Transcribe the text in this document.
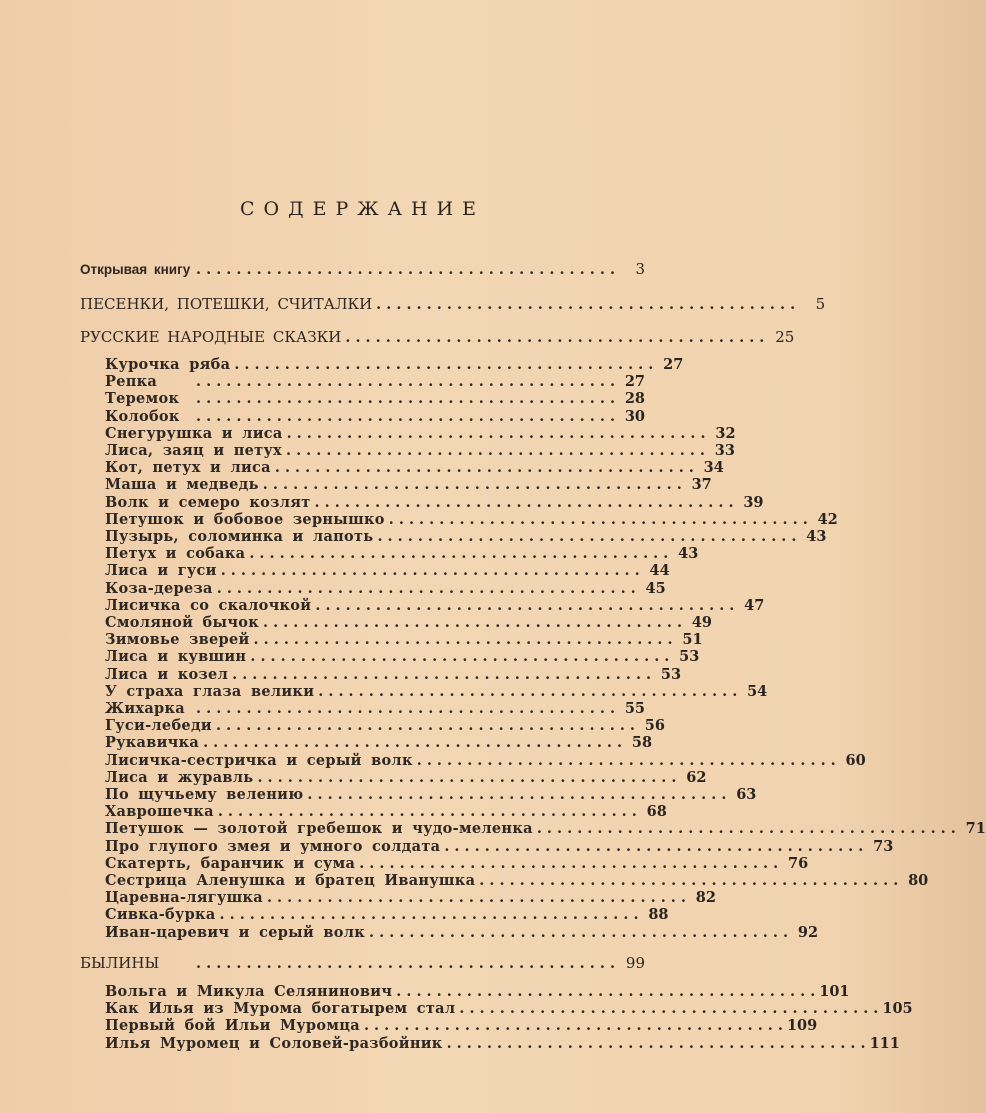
СОДЕРЖАНИЕ
Открывая книгу . . . . . . . . . . . . . . . . . . . . . . . . . . . . . . . . . . . . . . . . . .	3
ПЕСЕНКИ, ПОТЕШКИ, СЧИТАЛКИ . . . . . . . . . . . . . . . . . . . . . . . . . . . . . . . . . . . . . . . . . .	5
РУССКИЕ НАРОДНЫЕ СКАЗКИ . . . . . . . . . . . . . . . . . . . . . . . . . . . . . . . . . . . . . . . . . . 25
Курочка ряба . . . . . . . . . . . . . . . . . . . . . . . . . . . . . . . . . . . . . . . . . . 27
Репка	. . . . . . . . . . . . . . . . . . . . . . . . . . . . . . . . . . . . . . . . . . 27
Теремок	. . . . . . . . . . . . . . . . . . . . . . . . . . . . . . . . . . . . . . . . . . 28
Колобок	. . . . . . . . . . . . . . . . . . . . . . . . . . . . . . . . . . . . . . . . . . 30
Снегурушка и лиса . . . . . . . . . . . . . . . . . . . . . . . . . . . . . . . . . . . . . . . . . . 32
Лиса, заяц и петух . . . . . . . . . . . . . . . . . . . . . . . . . . . . . . . . . . . . . . . . . . 33
Кот, петух и лиса . . . . . . . . . . . . . . . . . . . . . . . . . . . . . . . . . . . . . . . . . . 34
Маша и медведь . . . . . . . . . . . . . . . . . . . . . . . . . . . . . . . . . . . . . . . . . . 37
Волк и семеро козлят . . . . . . . . . . . . . . . . . . . . . . . . . . . . . . . . . . . . . . . . . . 39
Петушок и бобовое зернышко . . . . . . . . . . . . . . . . . . . . . . . . . . . . . . . . . . . . . . . . . . 42
Пузырь, соломинка и лапоть . . . . . . . . . . . . . . . . . . . . . . . . . . . . . . . . . . . . . . . . . . 43
Петух и собака . . . . . . . . . . . . . . . . . . . . . . . . . . . . . . . . . . . . . . . . . . 43
Лиса и гуси . . . . . . . . . . . . . . . . . . . . . . . . . . . . . . . . . . . . . . . . . . 44
Коза-дереза . . . . . . . . . . . . . . . . . . . . . . . . . . . . . . . . . . . . . . . . . . 45
Лисичка со скалочкой . . . . . . . . . . . . . . . . . . . . . . . . . . . . . . . . . . . . . . . . . . 47
Смоляной бычок . . . . . . . . . . . . . . . . . . . . . . . . . . . . . . . . . . . . . . . . . . 49
Зимовье зверей . . . . . . . . . . . . . . . . . . . . . . . . . . . . . . . . . . . . . . . . . . 51
Лиса и кувшин . . . . . . . . . . . . . . . . . . . . . . . . . . . . . . . . . . . . . . . . . . 53
Лиса и козел . . . . . . . . . . . . . . . . . . . . . . . . . . . . . . . . . . . . . . . . . . 53
У страха глаза велики . . . . . . . . . . . . . . . . . . . . . . . . . . . . . . . . . . . . . . . . . . 54
Жихарка . . . . . . . . . . . . . . . . . . . . . . . . . . . . . . . . . . . . . . . . . . 55
Гуси-лебеди . . . . . . . . . . . . . . . . . . . . . . . . . . . . . . . . . . . . . . . . . . 56
Рукавичка . . . . . . . . . . . . . . . . . . . . . . . . . . . . . . . . . . . . . . . . . . 58
Лисичка-сестричка и серый волк . . . . . . . . . . . . . . . . . . . . . . . . . . . . . . . . . . . . . . . . . . 60
Лиса и журавль . . . . . . . . . . . . . . . . . . . . . . . . . . . . . . . . . . . . . . . . . . 62
По щучьему велению . . . . . . . . . . . . . . . . . . . . . . . . . . . . . . . . . . . . . . . . . . 63
Хаврошечка . . . . . . . . . . . . . . . . . . . . . . . . . . . . . . . . . . . . . . . . . . 68
Петушок — золотой гребешок и чудо-меленка . . . . . . . . . . . . . . . . . . . . . . . . . . . . . . . . . . . . . . . . . . 71
Про глупого змея и умного солдата . . . . . . . . . . . . . . . . . . . . . . . . . . . . . . . . . . . . . . . . . . 73
Скатерть, баранчик и сума . . . . . . . . . . . . . . . . . . . . . . . . . . . . . . . . . . . . . . . . . . 76
Сестрица Аленушка и братец Иванушка . . . . . . . . . . . . . . . . . . . . . . . . . . . . . . . . . . . . . . . . . . 80
Царевна-лягушка . . . . . . . . . . . . . . . . . . . . . . . . . . . . . . . . . . . . . . . . . . 82
Сивка-бурка . . . . . . . . . . . . . . . . . . . . . . . . . . . . . . . . . . . . . . . . . . 88
Иван-царевич и серый волк . . . . . . . . . . . . . . . . . . . . . . . . . . . . . . . . . . . . . . . . . . 92
БЫЛИНЫ	. . . . . . . . . . . . . . . . . . . . . . . . . . . . . . . . . . . . . . . . . . 99
Вольга и Микула Селянинович . . . . . . . . . . . . . . . . . . . . . . . . . . . . . . . . . . . . . . . . . . 101
Как Илья из Мурома богатырем стал . . . . . . . . . . . . . . . . . . . . . . . . . . . . . . . . . . . . . . . . . . 105
Первый бой Ильи Муромца . . . . . . . . . . . . . . . . . . . . . . . . . . . . . . . . . . . . . . . . . . 109
Илья Муромец и Соловей-разбойник . . . . . . . . . . . . . . . . . . . . . . . . . . . . . . . . . . . . . . . . . . 111
